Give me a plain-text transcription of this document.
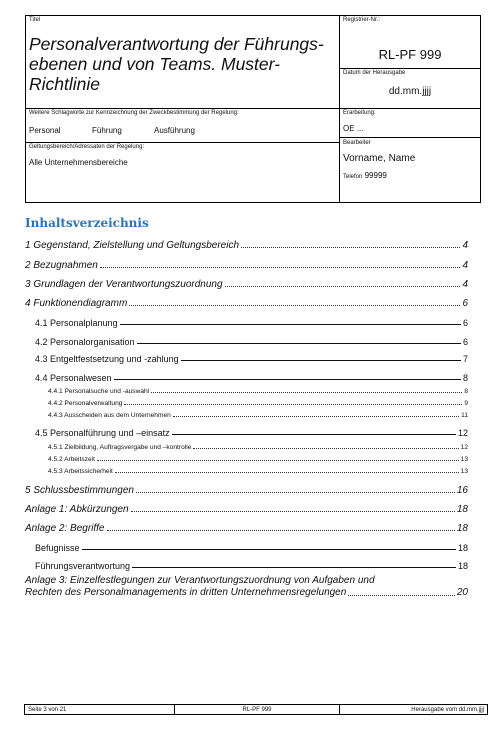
Titel
Personalverantwortung der Führungs-
ebenen und von Teams. Muster-
Richtlinie
Weitere Schlagworte zur Kennzeichnung der Zweckbestimmung der Regelung:
Personal	Führung	Ausführung
Geltungsbereich/Adressaten der Regelung:
Alle Unternehmensbereiche
Registrier-Nr.:
RL-PF 999
Datum der Herausgabe
dd.mm.jjjj
Erarbeitung:
OE ...
Bearbeiter
Vorname, Name
Telefon 99999
Inhaltsverzeichnis
1 Gegenstand, Zielstellung und Geltungsbereich	4
2 Bezugnahmen	4
3 Grundlagen der Verantwortungszuordnung	4
4 Funktionendiagramm	6
4.1 Personalplanung	6
4.2 Personalorganisation	6
4.3 Entgeltfestsetzung und -zahlung	7
4.4 Personalwesen	8
4.4.1 Personalsuche und -auswahl	8
4.4.2 Personalverwaltung	9
4.4.3 Ausscheiden aus dem Unternehmen	11
4.5 Personalführung und –einsatz	12
4.5.1 Zielbildung, Auftragsvergabe und –kontrolle	12
4.5.2 Arbeitszeit	13
4.5.3 Arbeitssicherheit	13
5 Schlussbestimmungen	16
Anlage 1: Abkürzungen	18
Anlage 2: Begriffe	18
Befugnisse	18
Führungsverantwortung	18
Anlage 3: Einzelfestlegungen zur Verantwortungszuordnung von Aufgaben und
Rechten des Personalmanagements in dritten Unternehmensregelungen	20
Seite 3 von 21	RL-PF 999	Herausgabe vom dd.mm.jjjj
